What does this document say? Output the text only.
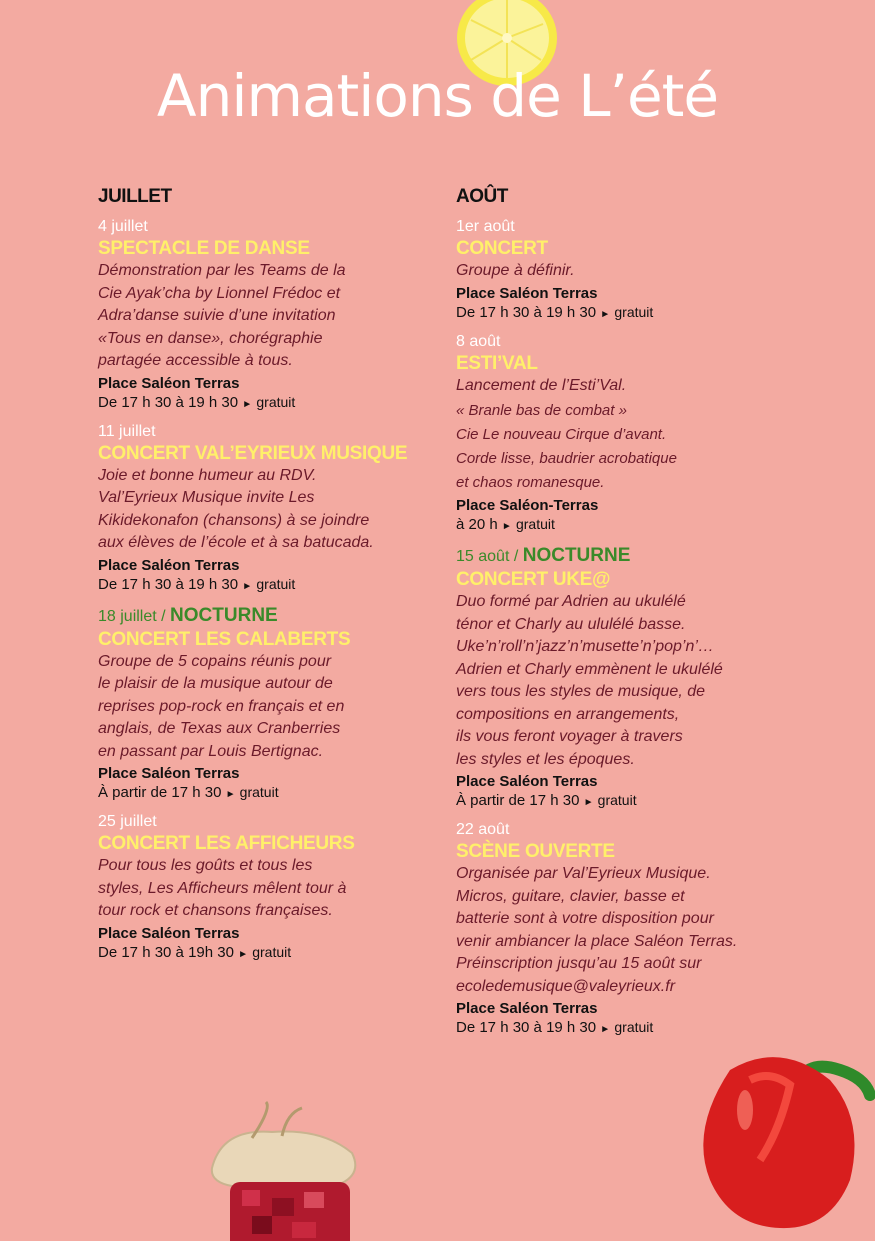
Animations de L’été
JUILLET
4 juillet
SPECTACLE DE DANSE
Démonstration par les Teams de la
Cie Ayak’cha by Lionnel Frédoc et
Adra’danse suivie d’une invitation
«Tous en danse», chorégraphie
partagée accessible à tous.
Place Saléon Terras
De 17 h 30 à 19 h 30 ► gratuit
11 juillet
CONCERT VAL’EYRIEUX MUSIQUE
Joie et bonne humeur au RDV.
Val’Eyrieux Musique invite Les
Kikidekonafon (chansons) à se joindre
aux élèves de l’école et à sa batucada.
Place Saléon Terras
De 17 h 30 à 19 h 30 ► gratuit
18 juillet / NOCTURNE
CONCERT LES CALABERTS
Groupe de 5 copains réunis pour
le plaisir de la musique autour de
reprises pop-rock en français et en
anglais, de Texas aux Cranberries
en passant par Louis Bertignac.
Place Saléon Terras
À partir de 17 h 30 ► gratuit
25 juillet
CONCERT LES AFFICHEURS
Pour tous les goûts et tous les
styles, Les Afficheurs mêlent tour à
tour rock et chansons françaises.
Place Saléon Terras
De 17 h 30 à 19h 30 ► gratuit
AOÛT
1er août
CONCERT
Groupe à définir.
Place Saléon Terras
De 17 h 30 à 19 h 30 ► gratuit
8 août
ESTI’VAL
Lancement de l’Esti’Val.
« Branle bas de combat »
Cie Le nouveau Cirque d’avant.
Corde lisse, baudrier acrobatique
et chaos romanesque.
Place Saléon-Terras
à 20 h ► gratuit
15 août / NOCTURNE
CONCERT UKE@
Duo formé par Adrien au ukulélé
ténor et Charly au ululélé basse.
Uke’n’roll’n’jazz’n’musette’n’pop’n’…
Adrien et Charly emmènent le ukulélé
vers tous les styles de musique, de
compositions en arrangements,
ils vous feront voyager à travers
les styles et les époques.
Place Saléon Terras
À partir de 17 h 30 ► gratuit
22 août
SCÈNE OUVERTE
Organisée par Val’Eyrieux Musique.
Micros, guitare, clavier, basse et
batterie sont à votre disposition pour
venir ambiancer la place Saléon Terras.
Préinscription jusqu’au 15 août sur
ecoledemusique@valeyrieux.fr
Place Saléon Terras
De 17 h 30 à 19 h 30 ► gratuit
